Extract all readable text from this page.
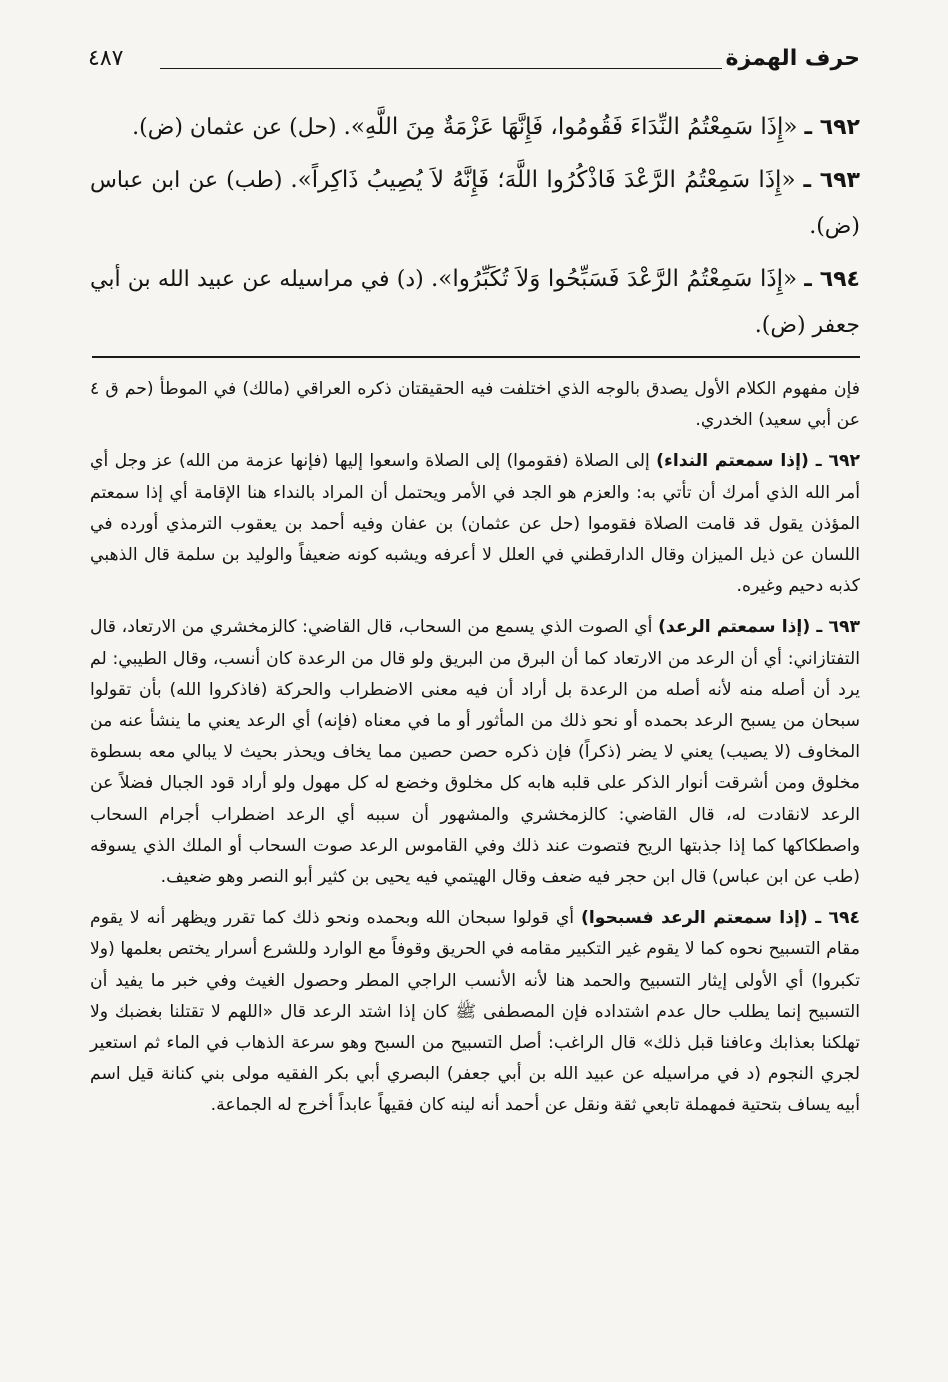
حرف الهمزة
٤٨٧

٦٩٢ ـ «إِذَا سَمِعْتُمُ النِّدَاءَ فَقُومُوا، فَإِنَّهَا عَزْمَةٌ مِنَ اللَّهِ». (حل) عن عثمان (ض).

٦٩٣ ـ «إِذَا سَمِعْتُمُ الرَّعْدَ فَاذْكُرُوا اللَّهَ؛ فَإِنَّهُ لاَ يُصِيبُ ذَاكِراً». (طب) عن ابن عباس (ض).

٦٩٤ ـ «إِذَا سَمِعْتُمُ الرَّعْدَ فَسَبِّحُوا وَلاَ تُكَبِّرُوا». (د) في مراسيله عن عبيد الله بن أبي جعفر (ض).

فإن مفهوم الكلام الأول يصدق بالوجه الذي اختلفت فيه الحقيقتان ذكره العراقي (مالك) في الموطأ (حم ق ٤ عن أبي سعيد) الخدري.

٦٩٢ ـ (إذا سمعتم النداء) إلى الصلاة (فقوموا) إلى الصلاة واسعوا إليها (فإنها عزمة من الله) عز وجل أي أمر الله الذي أمرك أن تأتي به: والعزم هو الجد في الأمر ويحتمل أن المراد بالنداء هنا الإقامة أي إذا سمعتم المؤذن يقول قد قامت الصلاة فقوموا (حل عن عثمان) بن عفان وفيه أحمد بن يعقوب الترمذي أورده في اللسان عن ذيل الميزان وقال الدارقطني في العلل لا أعرفه ويشبه كونه ضعيفاً والوليد بن سلمة قال الذهبي كذبه دحيم وغيره.

٦٩٣ ـ (إذا سمعتم الرعد) أي الصوت الذي يسمع من السحاب، قال القاضي: كالزمخشري من الارتعاد، قال التفتازاني: أي أن الرعد من الارتعاد كما أن البرق من البريق ولو قال من الرعدة كان أنسب، وقال الطيبي: لم يرد أن أصله منه لأنه أصله من الرعدة بل أراد أن فيه معنى الاضطراب والحركة (فاذكروا الله) بأن تقولوا سبحان من يسبح الرعد بحمده أو نحو ذلك من المأثور أو ما في معناه (فإنه) أي الرعد يعني ما ينشأ عنه من المخاوف (لا يصيب) يعني لا يضر (ذكراً) فإن ذكره حصن حصين مما يخاف ويحذر بحيث لا يبالي معه بسطوة مخلوق ومن أشرقت أنوار الذكر على قلبه هابه كل مخلوق وخضع له كل مهول ولو أراد قود الجبال فضلاً عن الرعد لانقادت له، قال القاضي: كالزمخشري والمشهور أن سببه أي الرعد اضطراب أجرام السحاب واصطكاكها كما إذا جذبتها الريح فتصوت عند ذلك وفي القاموس الرعد صوت السحاب أو الملك الذي يسوقه (طب عن ابن عباس) قال ابن حجر فيه ضعف وقال الهيتمي فيه يحيى بن كثير أبو النصر وهو ضعيف.

٦٩٤ ـ (إذا سمعتم الرعد فسبحوا) أي قولوا سبحان الله وبحمده ونحو ذلك كما تقرر ويظهر أنه لا يقوم مقام التسبيح نحوه كما لا يقوم غير التكبير مقامه في الحريق وقوفاً مع الوارد وللشرع أسرار يختص بعلمها (ولا تكبروا) أي الأولى إيثار التسبيح والحمد هنا لأنه الأنسب الراجي المطر وحصول الغيث وفي خبر ما يفيد أن التسبيح إنما يطلب حال عدم اشتداده فإن المصطفى ﷺ كان إذا اشتد الرعد قال «اللهم لا تقتلنا بغضبك ولا تهلكنا بعذابك وعافنا قبل ذلك» قال الراغب: أصل التسبيح من السبح وهو سرعة الذهاب في الماء ثم استعير لجري النجوم (د في مراسيله عن عبيد الله بن أبي جعفر) البصري أبي بكر الفقيه مولى بني كنانة قيل اسم أبيه يساف بتحتية فمهملة تابعي ثقة ونقل عن أحمد أنه لينه كان فقيهاً عابداً أخرج له الجماعة.
